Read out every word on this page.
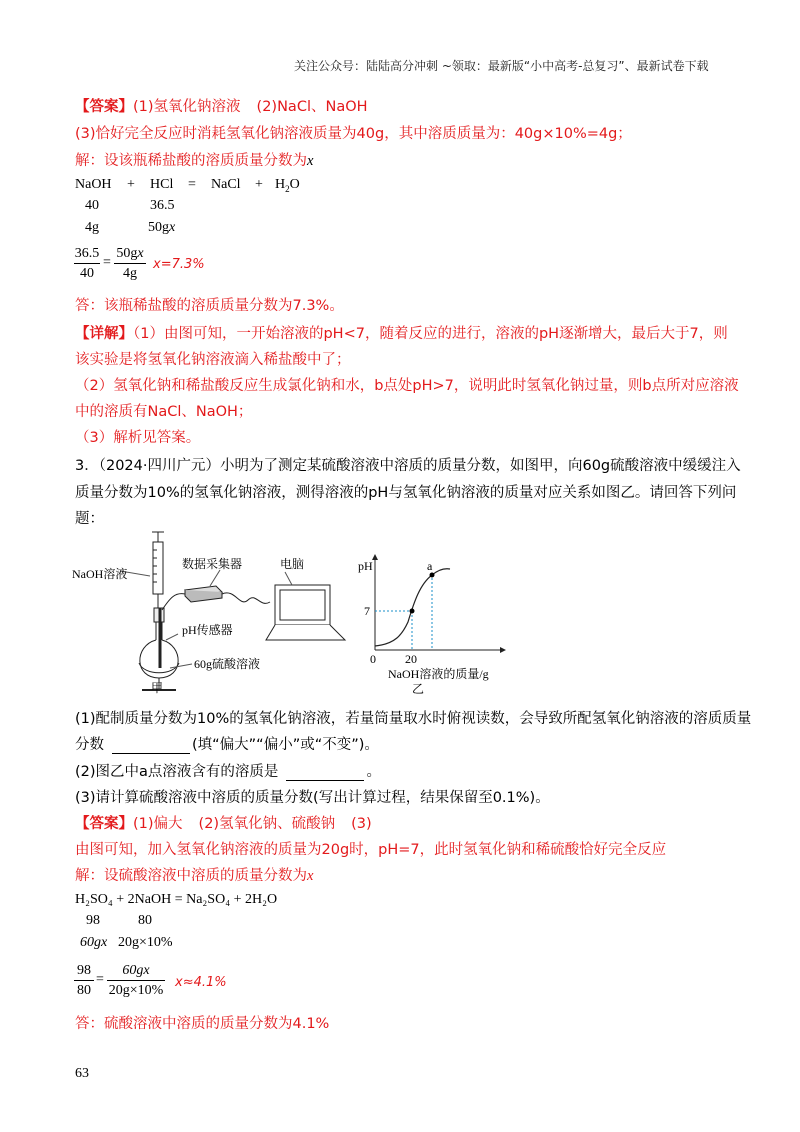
关注公众号：陆陆高分冲刺 ~领取：最新版“小中高考-总复习”、最新试卷下载
【答案】(1)氢氧化钠溶液 (2)NaCl、NaOH
(3)恰好完全反应时消耗氢氧化钠溶液质量为40g，其中溶质质量为：40g×10%=4g；
解：设该瓶稀盐酸的溶质质量分数为x
NaOH + HCl = NaCl + $H_2O$
40	36.5
4g	50gx
36.5
40
=
50gx
4g
x=7.3%
答：该瓶稀盐酸的溶质质量分数为7.3%。
【详解】（1）由图可知，一开始溶液的pH<7，随着反应的进行，溶液的pH逐渐增大，最后大于7，则
该实验是将氢氧化钠溶液滴入稀盐酸中了；
（2）氢氧化钠和稀盐酸反应生成氯化钠和水，b点处pH>7，说明此时氢氧化钠过量，则b点所对应溶液
中的溶质有NaCl、NaOH；
（3）解析见答案。
3．（2024·四川广元）小明为了测定某硫酸溶液中溶质的质量分数，如图甲，向60g硫酸溶液中缓缓注入
质量分数为10%的氢氧化钠溶液，测得溶液的pH与氢氧化钠溶液的质量对应关系如图乙。请回答下列问
题：
NaOH溶液
数据采集器	电脑
pH传感器
60g硫酸溶液
甲
pH	a
7
0 20
NaOH溶液的质量/g
乙
(1)配制质量分数为10%的氢氧化钠溶液，若量筒量取水时俯视读数，会导致所配氢氧化钠溶液的溶质质量
分数	(填“偏大”“偏小”或“不变”)。
(2)图乙中a点溶液含有的溶质是	。
(3)请计算硫酸溶液中溶质的质量分数(写出计算过程，结果保留至0.1%)。
【答案】(1)偏大 (2)氢氧化钠、硫酸钠 (3)
由图可知，加入氢氧化钠溶液的质量为20g时，pH=7，此时氢氧化钠和稀硫酸恰好完全反应
解：设硫酸溶液中溶质的质量分数为x
H₂SO₄ + 2NaOH = Na₂SO₄ + 2H₂O
98	80
60gx 20g×10%
98
80
=
60gx
20g×10%
x≈4.1%
答：硫酸溶液中溶质的质量分数为4.1%
63
